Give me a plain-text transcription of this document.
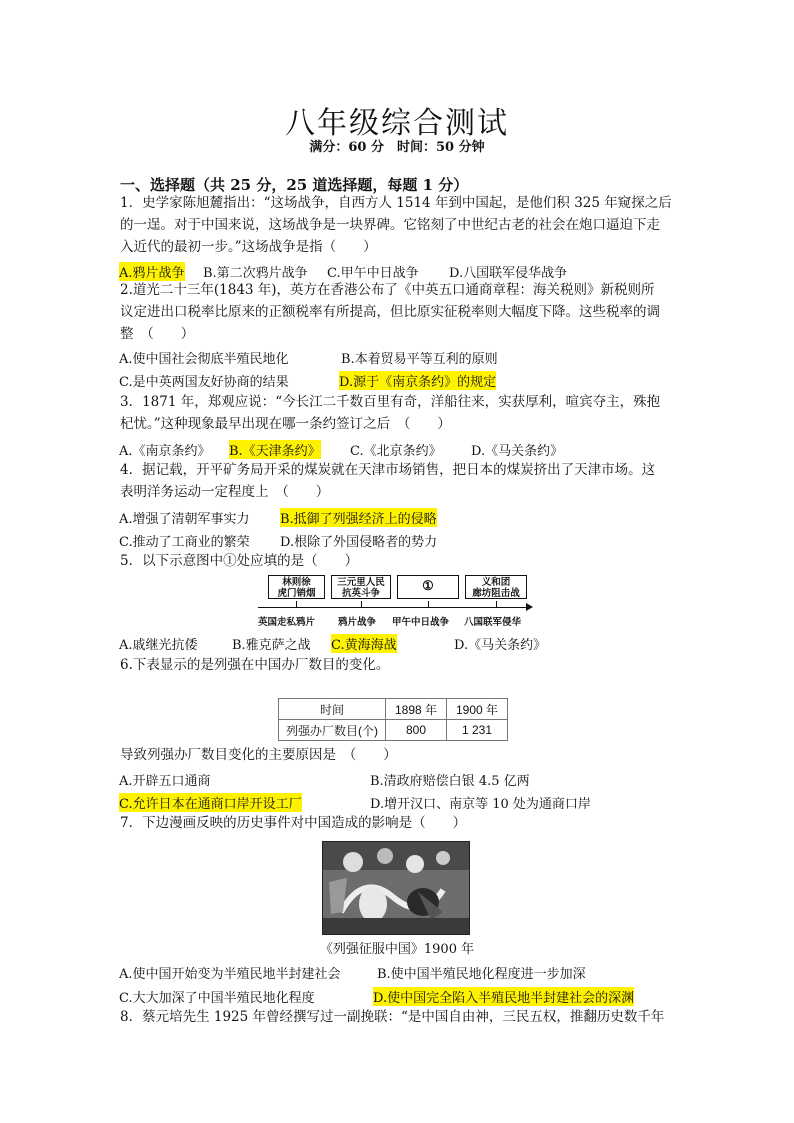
八年级综合测试
满分：60 分　时间：50 分钟
一、选择题（共 25 分，25 道选择题，每题 1 分）
1．史学家陈旭麓指出：“这场战争，自西方人 1514 年到中国起，是他们积 325 年窥探之后
的一逞。对于中国来说，这场战争是一块界碑。它铭刻了中世纪古老的社会在炮口逼迫下走
入近代的最初一步。”这场战争是指（　　）
A.鸦片战争 B.第二次鸦片战争 C.甲午中日战争 D.八国联军侵华战争
2.道光二十三年(1843 年)，英方在香港公布了《中英五口通商章程：海关税则》新税则所
议定进出口税率比原来的正额税率有所提高，但比原实征税率则大幅度下降。这些税率的调
整　（　　）
A.使中国社会彻底半殖民地化	B.本着贸易平等互利的原则
C.是中英两国友好协商的结果	D.源于《南京条约》的规定
3．1871 年，郑观应说：“今长江二千数百里有奇，洋船往来，实获厚利，喧宾夺主，殊抱
杞忧。”这种现象最早出现在哪一条约签订之后　（　　）
A.《南京条约》 B.《天津条约》 C.《北京条约》 D.《马关条约》
4．据记载，开平矿务局开采的煤炭就在天津市场销售，把日本的煤炭挤出了天津市场。这
表明洋务运动一定程度上　（　　）
A.增强了清朝军事实力 B.抵御了列强经济上的侵略
C.推动了工商业的繁荣 D.根除了外国侵略者的势力
5．以下示意图中①处应填的是（　　）
林则徐
虎门销烟
三元里人民
抗英斗争	①	义和团
廊坊阻击战
英国走私鸦片 鸦片战争 甲午中日战争 八国联军侵华
A.戚继光抗倭	B.雅克萨之战 C.黄海海战	D.《马关条约》
6.下表显示的是列强在中国办厂数目的变化。
时间	1898 年	1900 年
列强办厂数目(个)	800	1 231
导致列强办厂数目变化的主要原因是　（　　）
A.开辟五口通商	B.清政府赔偿白银 4.5 亿两
C.允许日本在通商口岸开设工厂	D.增开汉口、南京等 10 处为通商口岸
7．下边漫画反映的历史事件对中国造成的影响是（　　）
《列强征服中国》1900 年
A.使中国开始变为半殖民地半封建社会	B.使中国半殖民地化程度进一步加深
C.大大加深了中国半殖民地化程度	D.使中国完全陷入半殖民地半封建社会的深渊
8．蔡元培先生 1925 年曾经撰写过一副挽联：“是中国自由神，三民五权，推翻历史数千年
